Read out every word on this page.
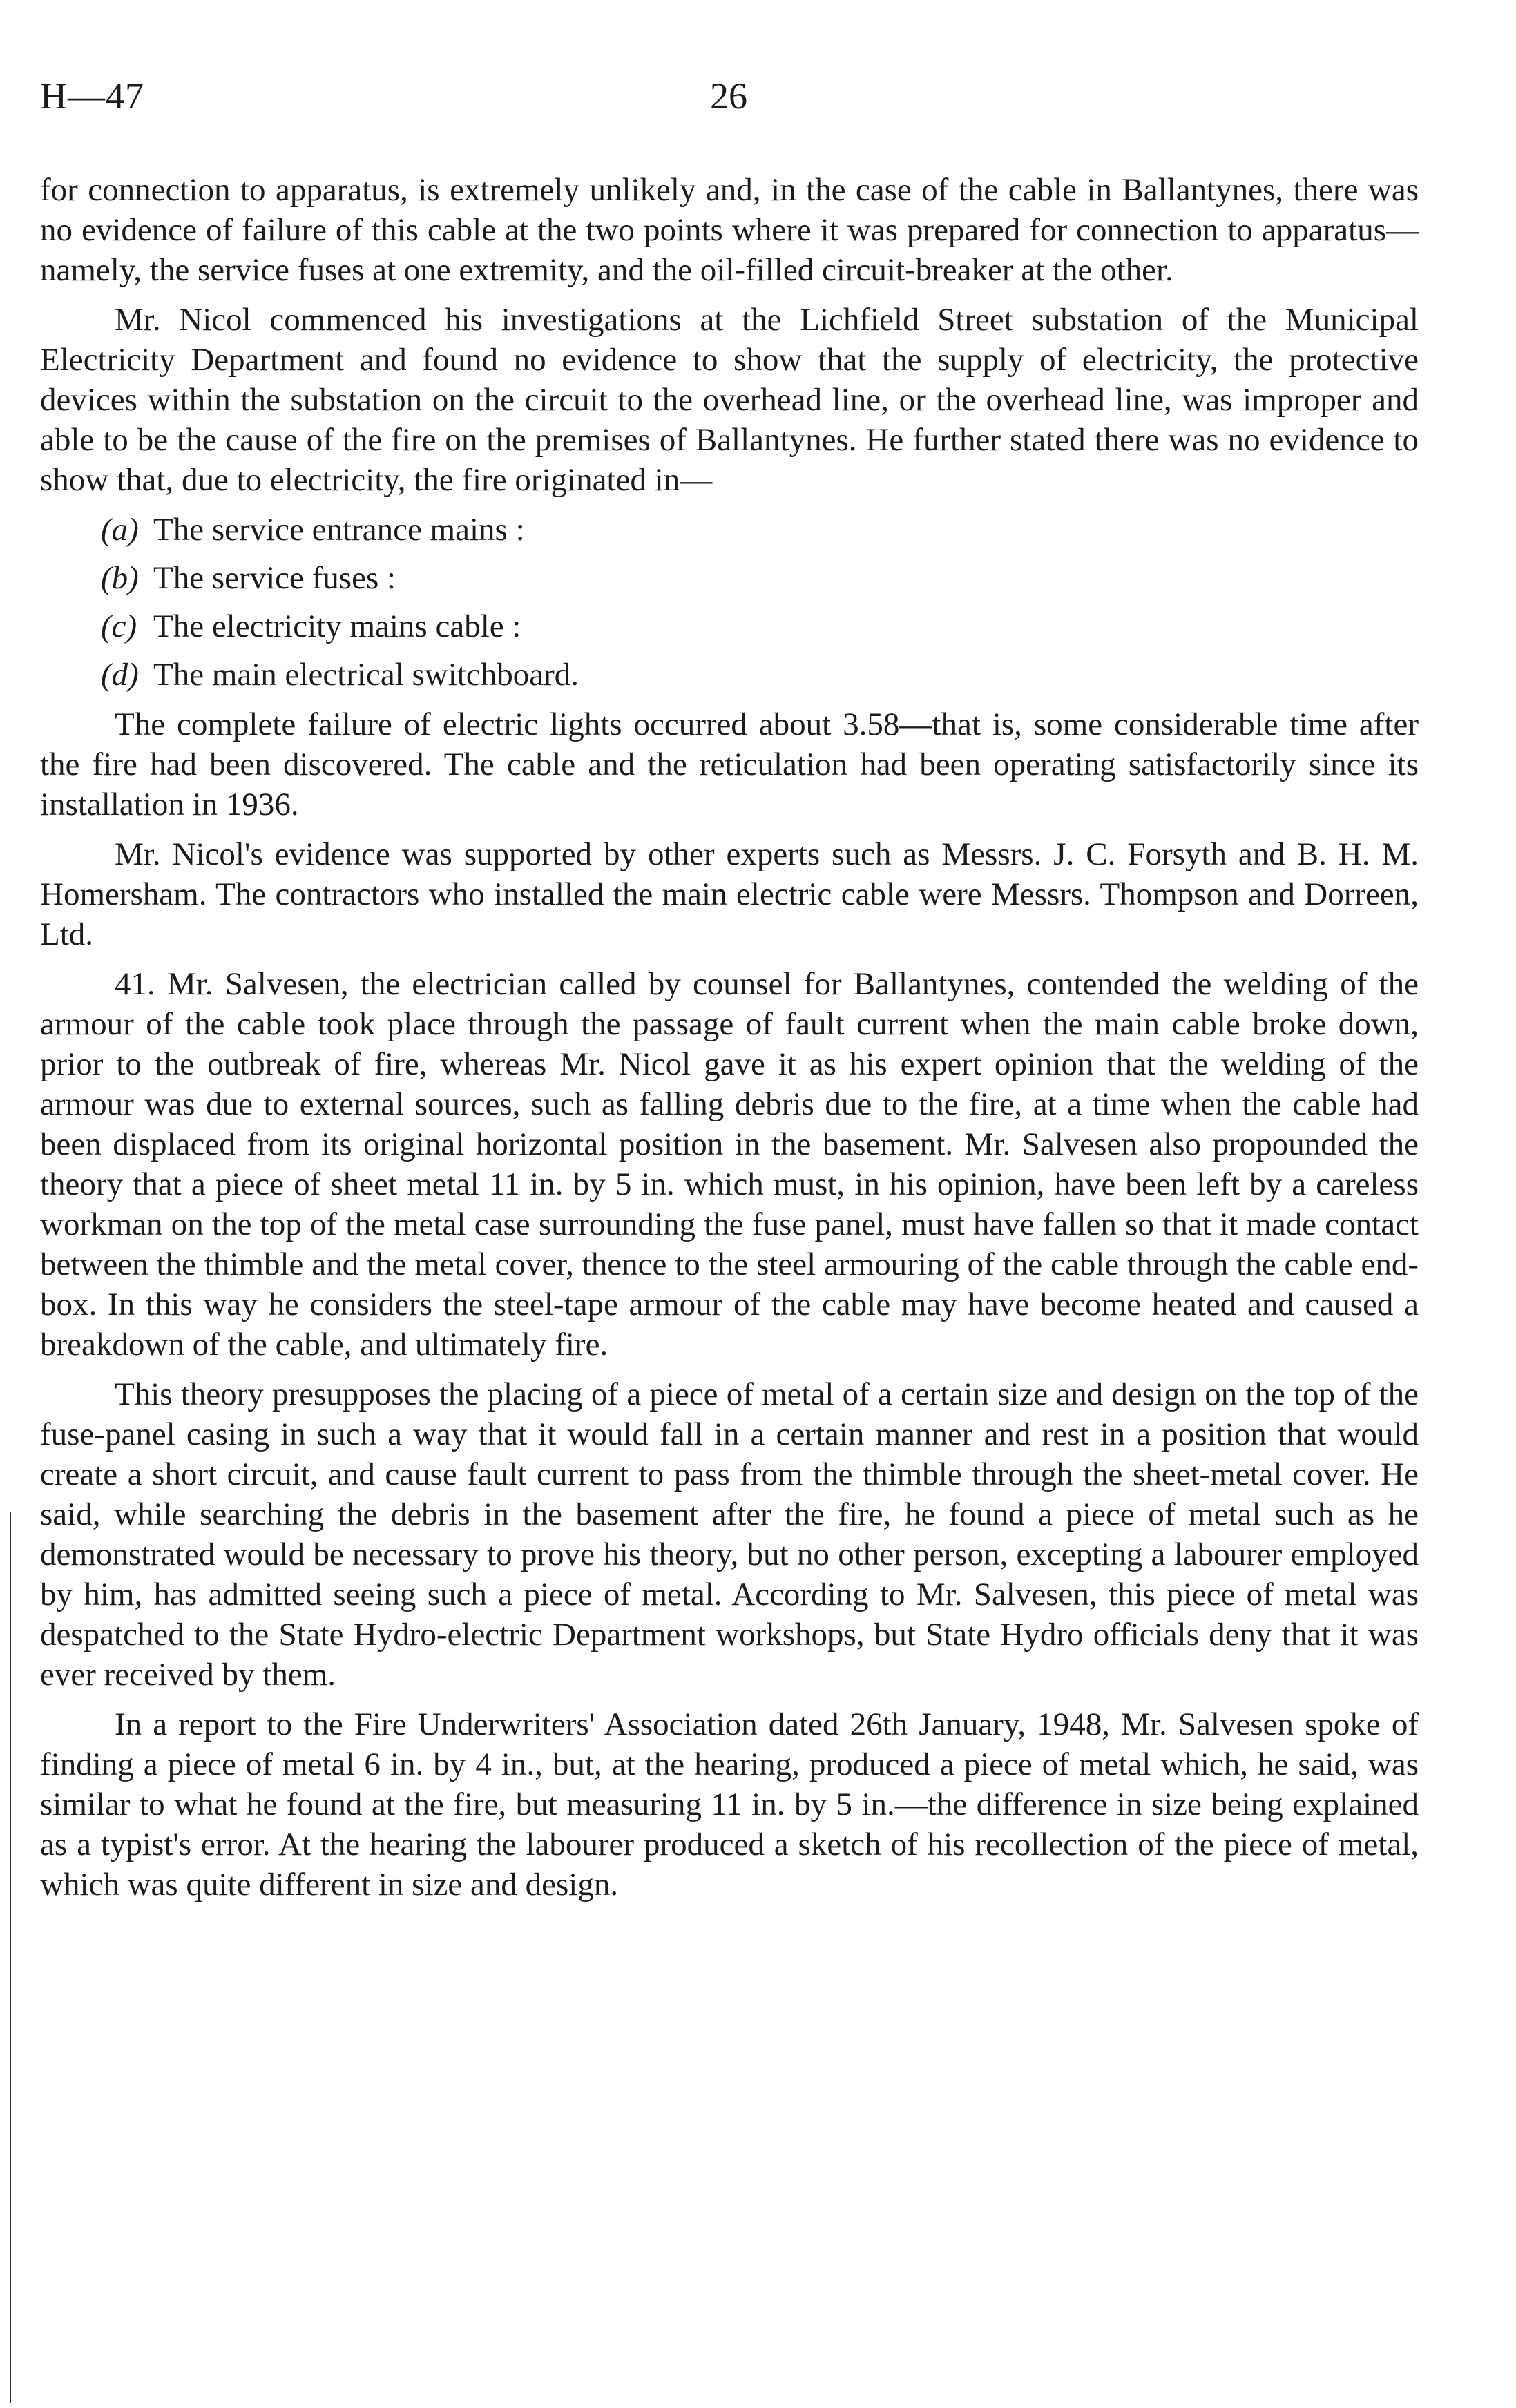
H—47	26

for connection to apparatus, is extremely unlikely and, in the case of the cable in Ballantynes, there was no evidence of failure of this cable at the two points where it was prepared for connection to apparatus—namely, the service fuses at one extremity, and the oil-filled circuit-breaker at the other.

Mr. Nicol commenced his investigations at the Lichfield Street substation of the Municipal Electricity Department and found no evidence to show that the supply of electricity, the protective devices within the substation on the circuit to the overhead line, or the overhead line, was improper and able to be the cause of the fire on the premises of Ballantynes. He further stated there was no evidence to show that, due to electricity, the fire originated in—

(a) The service entrance mains :
(b) The service fuses :
(c) The electricity mains cable :
(d) The main electrical switchboard.

The complete failure of electric lights occurred about 3.58—that is, some considerable time after the fire had been discovered. The cable and the reticulation had been operating satisfactorily since its installation in 1936.

Mr. Nicol's evidence was supported by other experts such as Messrs. J. C. Forsyth and B. H. M. Homersham. The contractors who installed the main electric cable were Messrs. Thompson and Dorreen, Ltd.

41. Mr. Salvesen, the electrician called by counsel for Ballantynes, contended the welding of the armour of the cable took place through the passage of fault current when the main cable broke down, prior to the outbreak of fire, whereas Mr. Nicol gave it as his expert opinion that the welding of the armour was due to external sources, such as falling debris due to the fire, at a time when the cable had been displaced from its original horizontal position in the basement. Mr. Salvesen also propounded the theory that a piece of sheet metal 11 in. by 5 in. which must, in his opinion, have been left by a careless workman on the top of the metal case surrounding the fuse panel, must have fallen so that it made contact between the thimble and the metal cover, thence to the steel armouring of the cable through the cable end-box. In this way he considers the steel-tape armour of the cable may have become heated and caused a breakdown of the cable, and ultimately fire.

This theory presupposes the placing of a piece of metal of a certain size and design on the top of the fuse-panel casing in such a way that it would fall in a certain manner and rest in a position that would create a short circuit, and cause fault current to pass from the thimble through the sheet-metal cover. He said, while searching the debris in the basement after the fire, he found a piece of metal such as he demonstrated would be necessary to prove his theory, but no other person, excepting a labourer employed by him, has admitted seeing such a piece of metal. According to Mr. Salvesen, this piece of metal was despatched to the State Hydro-electric Department workshops, but State Hydro officials deny that it was ever received by them.

In a report to the Fire Underwriters' Association dated 26th January, 1948, Mr. Salvesen spoke of finding a piece of metal 6 in. by 4 in., but, at the hearing, produced a piece of metal which, he said, was similar to what he found at the fire, but measuring 11 in. by 5 in.—the difference in size being explained as a typist's error. At the hearing the labourer produced a sketch of his recollection of the piece of metal, which was quite different in size and design.
